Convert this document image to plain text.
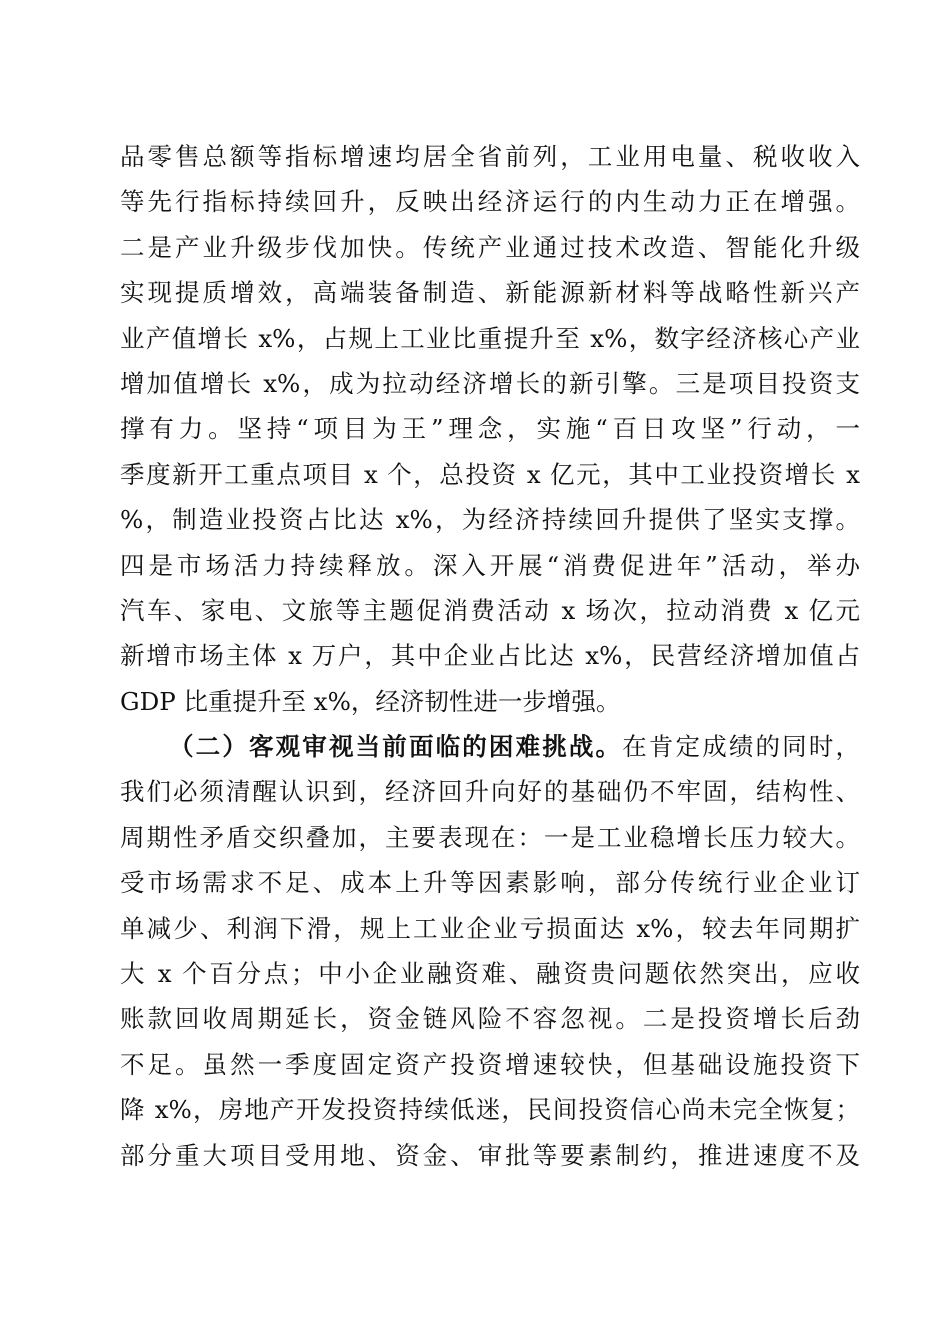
品零售总额等指标增速均居全省前列，工业用电量、税收收入
等先行指标持续回升，反映出经济运行的内生动力正在增强。
二是产业升级步伐加快。传统产业通过技术改造、智能化升级
实现提质增效，高端装备制造、新能源新材料等战略性新兴产
业产值增长 x%，占规上工业比重提升至 x%，数字经济核心产业
增加值增长 x%，成为拉动经济增长的新引擎。三是项目投资支
撑有力。坚持“项目为王”理念，实施“百日攻坚”行动，一
季度新开工重点项目 x 个，总投资 x 亿元，其中工业投资增长 x
%，制造业投资占比达 x%，为经济持续回升提供了坚实支撑。
四是市场活力持续释放。深入开展“消费促进年”活动，举办
汽车、家电、文旅等主题促消费活动 x 场次，拉动消费 x 亿元
新增市场主体 x 万户，其中企业占比达 x%，民营经济增加值占
GDP 比重提升至 x%，经济韧性进一步增强。
（二）客观审视当前面临的困难挑战。在肯定成绩的同时，
我们必须清醒认识到，经济回升向好的基础仍不牢固，结构性、
周期性矛盾交织叠加，主要表现在：一是工业稳增长压力较大。
受市场需求不足、成本上升等因素影响，部分传统行业企业订
单减少、利润下滑，规上工业企业亏损面达 x%，较去年同期扩
大 x 个百分点；中小企业融资难、融资贵问题依然突出，应收
账款回收周期延长，资金链风险不容忽视。二是投资增长后劲
不足。虽然一季度固定资产投资增速较快，但基础设施投资下
降 x%，房地产开发投资持续低迷，民间投资信心尚未完全恢复；
部分重大项目受用地、资金、审批等要素制约，推进速度不及
